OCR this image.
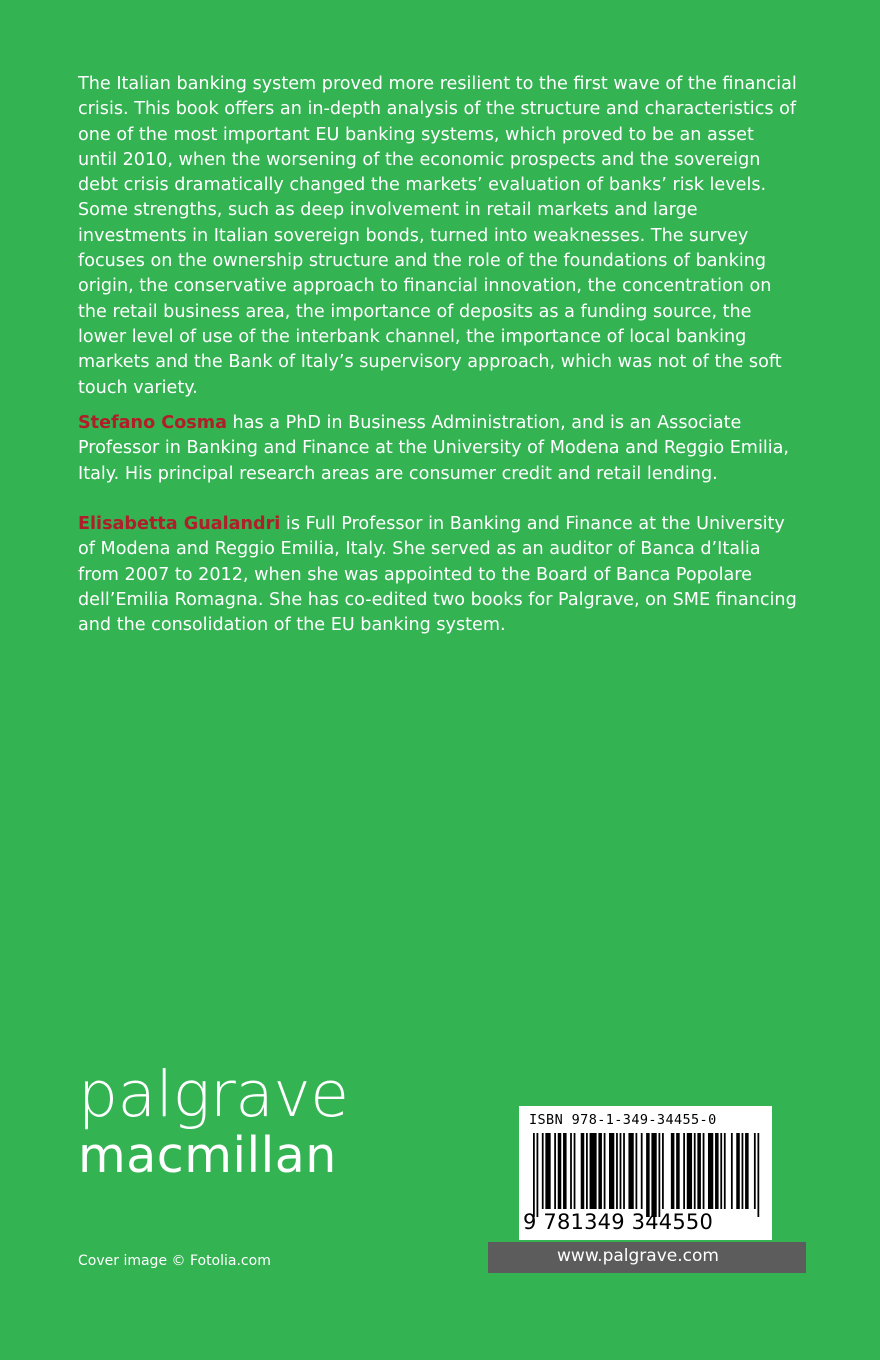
The Italian banking system proved more resilient to the first wave of the financial crisis. This book offers an in-depth analysis of the structure and characteristics of one of the most important EU banking systems, which proved to be an asset until 2010, when the worsening of the economic prospects and the sovereign debt crisis dramatically changed the markets’ evaluation of banks’ risk levels. Some strengths, such as deep involvement in retail markets and large investments in Italian sovereign bonds, turned into weaknesses. The survey focuses on the ownership structure and the role of the foundations of banking origin, the conservative approach to financial innovation, the concentration on the retail business area, the importance of deposits as a funding source, the lower level of use of the interbank channel, the importance of local banking markets and the Bank of Italy’s supervisory approach, which was not of the soft touch variety.

Stefano Cosma has a PhD in Business Administration, and is an Associate Professor in Banking and Finance at the University of Modena and Reggio Emilia, Italy. His principal research areas are consumer credit and retail lending.

Elisabetta Gualandri is Full Professor in Banking and Finance at the University of Modena and Reggio Emilia, Italy. She served as an auditor of Banca d’Italia from 2007 to 2012, when she was appointed to the Board of Banca Popolare dell’Emilia Romagna. She has co-edited two books for Palgrave, on SME financing and the consolidation of the EU banking system.

palgrave
macmillan
Cover image © Fotolia.com
ISBN 978-1-349-34455-0
9 781349 344550
www.palgrave.com
